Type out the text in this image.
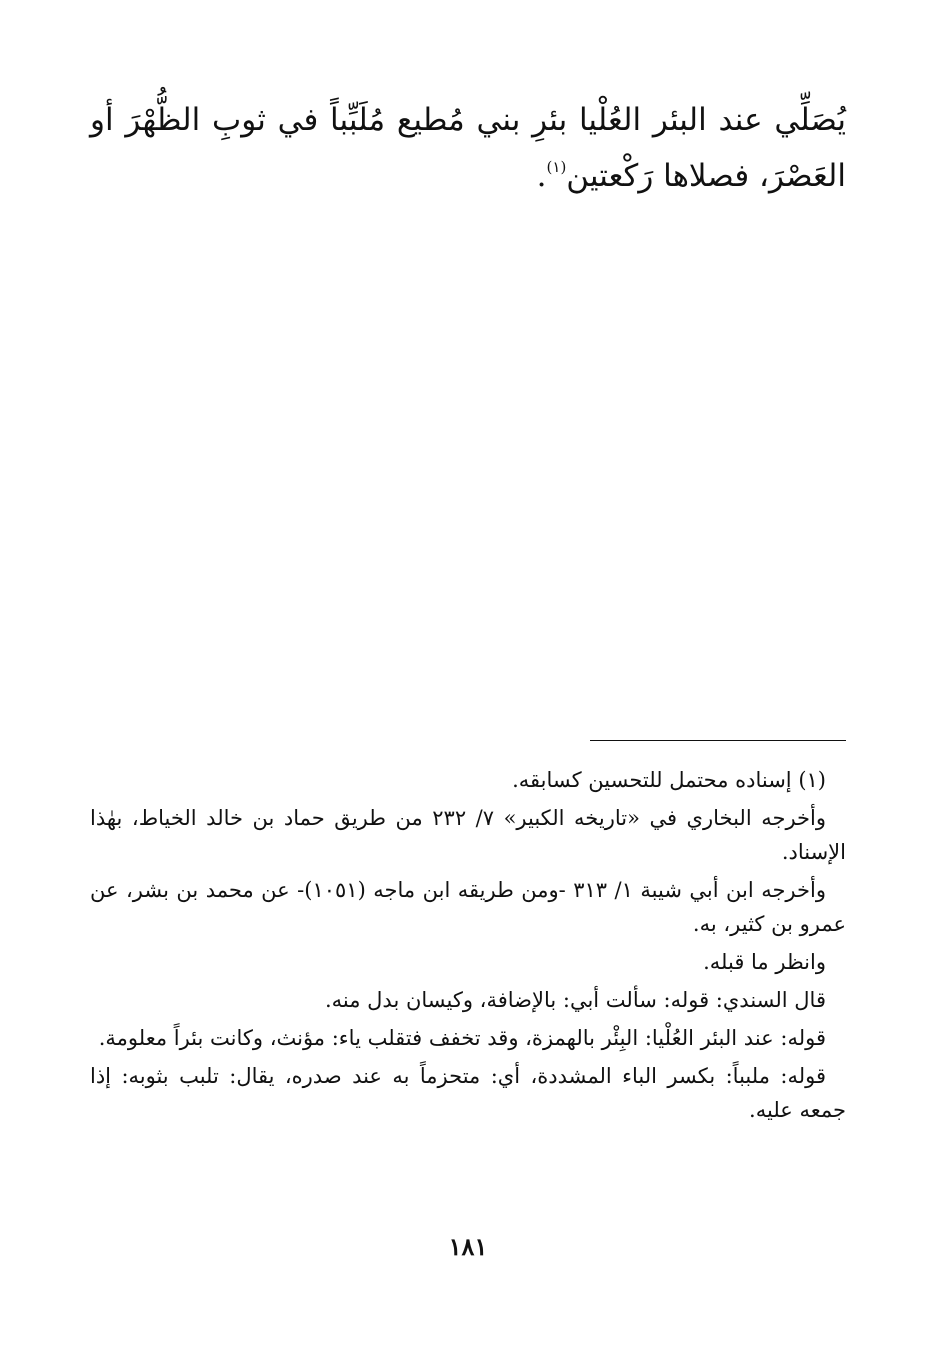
يُصَلِّي عند البئر العُلْيا بئرِ بني مُطيع مُلَبِّباً في ثوبِ الظُّهْرَ أو العَصْرَ، فصلاها رَكْعتين$^{(١)}$.

(١) إسناده محتمل للتحسين كسابقه.

وأخرجه البخاري في «تاريخه الكبير» ٧/ ٢٣٢ من طريق حماد بن خالد الخياط، بهٰذا الإسناد.

وأخرجه ابن أبي شيبة ١/ ٣١٣ -ومن طريقه ابن ماجه (١٠٥١)- عن محمد بن بشر، عن عمرو بن كثير، به.

وانظر ما قبله.

قال السندي: قوله: سألت أبي: بالإضافة، وكيسان بدل منه.

قوله: عند البئر العُلْيا: البِئْر بالهمزة، وقد تخفف فتقلب ياء: مؤنث، وكانت بئراً معلومة.

قوله: ملبباً: بكسر الباء المشددة، أي: متحزماً به عند صدره، يقال: تلبب بثوبه: إذا جمعه عليه.

١٨١
